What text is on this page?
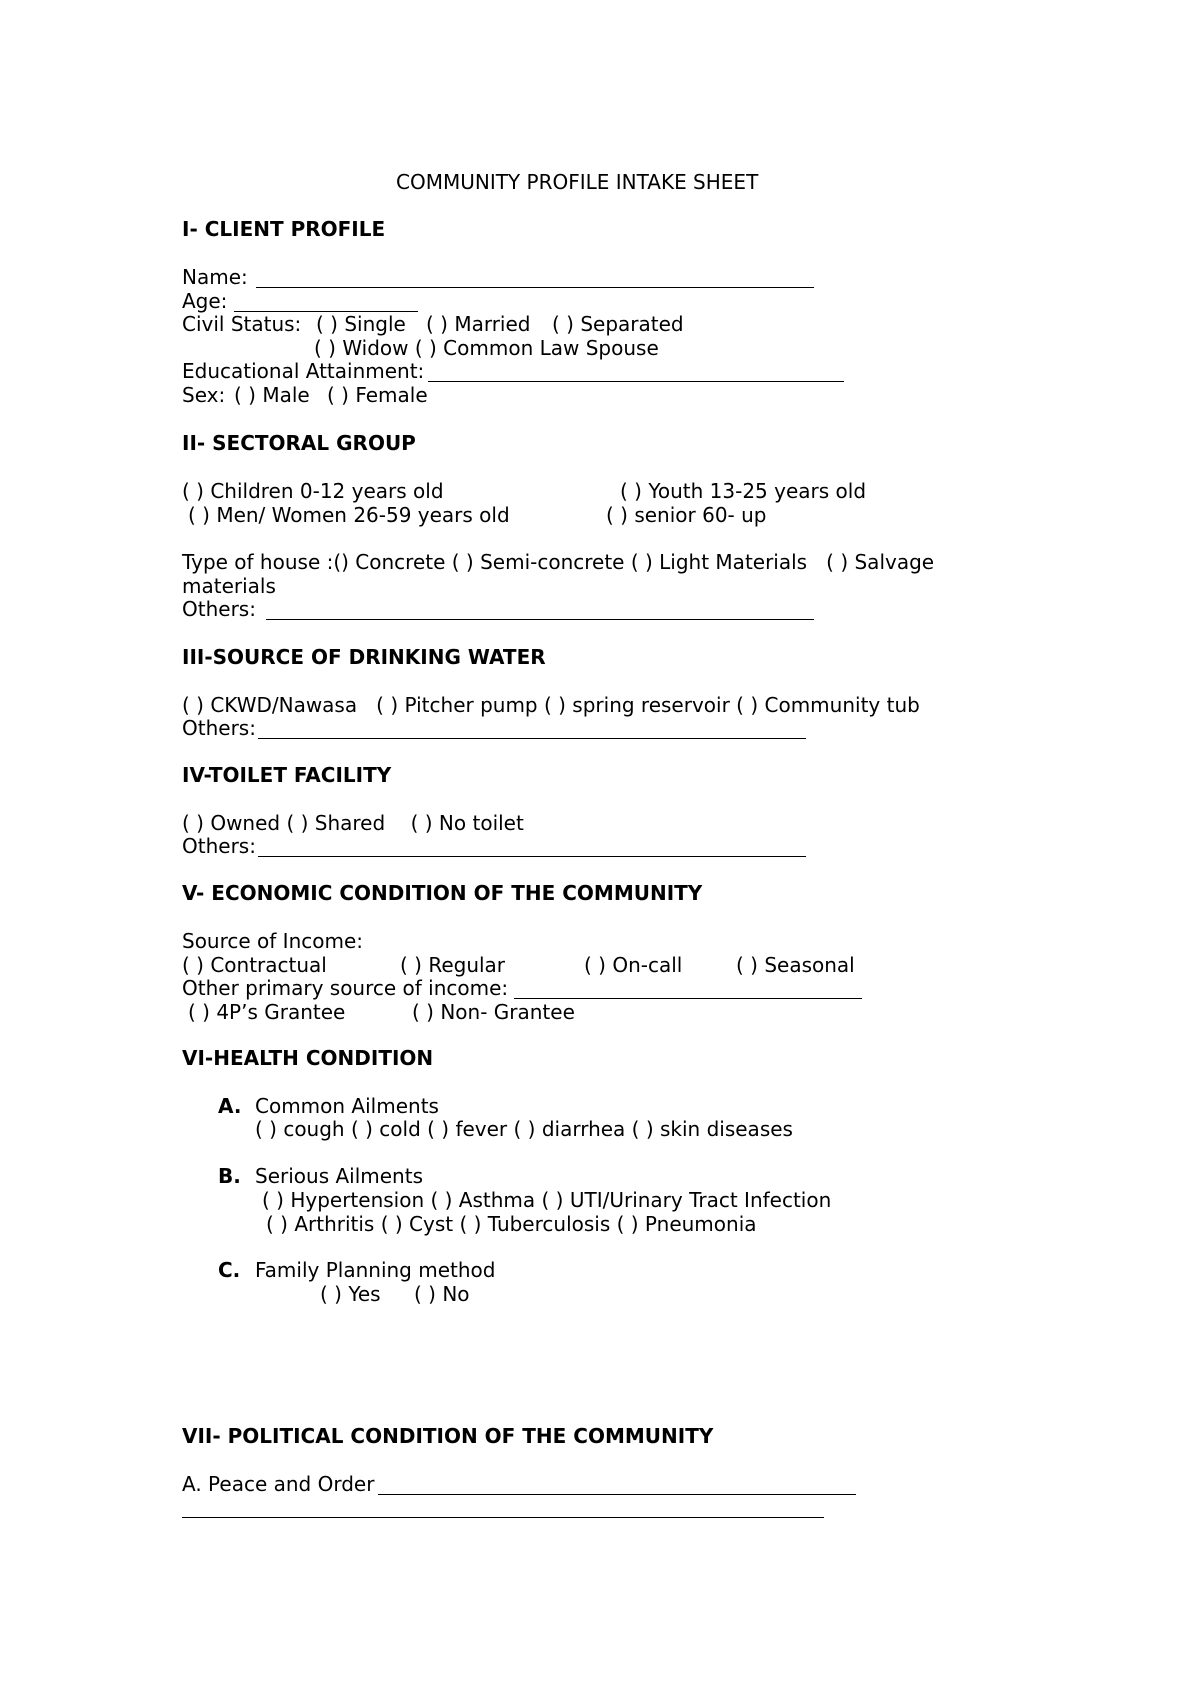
COMMUNITY PROFILE INTAKE SHEET
I- CLIENT PROFILE
Name:
Age:
Civil Status: ( ) Single ( ) Married ( ) Separated
( ) Widow ( ) Common Law Spouse
Educational Attainment:
Sex: ( ) Male ( ) Female
II- SECTORAL GROUP
( ) Children 0-12 years old	( ) Youth 13-25 years old
( ) Men/ Women 26-59 years old	( ) senior 60- up
Type of house :() Concrete ( ) Semi-concrete ( ) Light Materials   ( ) Salvage
materials
Others:
III-SOURCE OF DRINKING WATER
( ) CKWD/Nawasa   ( ) Pitcher pump ( ) spring reservoir ( ) Community tub
Others:
IV-TOILET FACILITY
( ) Owned ( ) Shared    ( ) No toilet
Others:
V- ECONOMIC CONDITION OF THE COMMUNITY
Source of Income:
( ) Contractual	( ) Regular	( ) On-call	( ) Seasonal
Other primary source of income:
( ) 4P’s Grantee	( ) Non- Grantee
VI-HEALTH CONDITION
A. Common Ailments
( ) cough ( ) cold ( ) fever ( ) diarrhea ( ) skin diseases
B. Serious Ailments
( ) Hypertension ( ) Asthma ( ) UTI/Urinary Tract Infection
( ) Arthritis ( ) Cyst ( ) Tuberculosis ( ) Pneumonia
C. Family Planning method
( ) Yes ( ) No
VII- POLITICAL CONDITION OF THE COMMUNITY
A. Peace and Order
